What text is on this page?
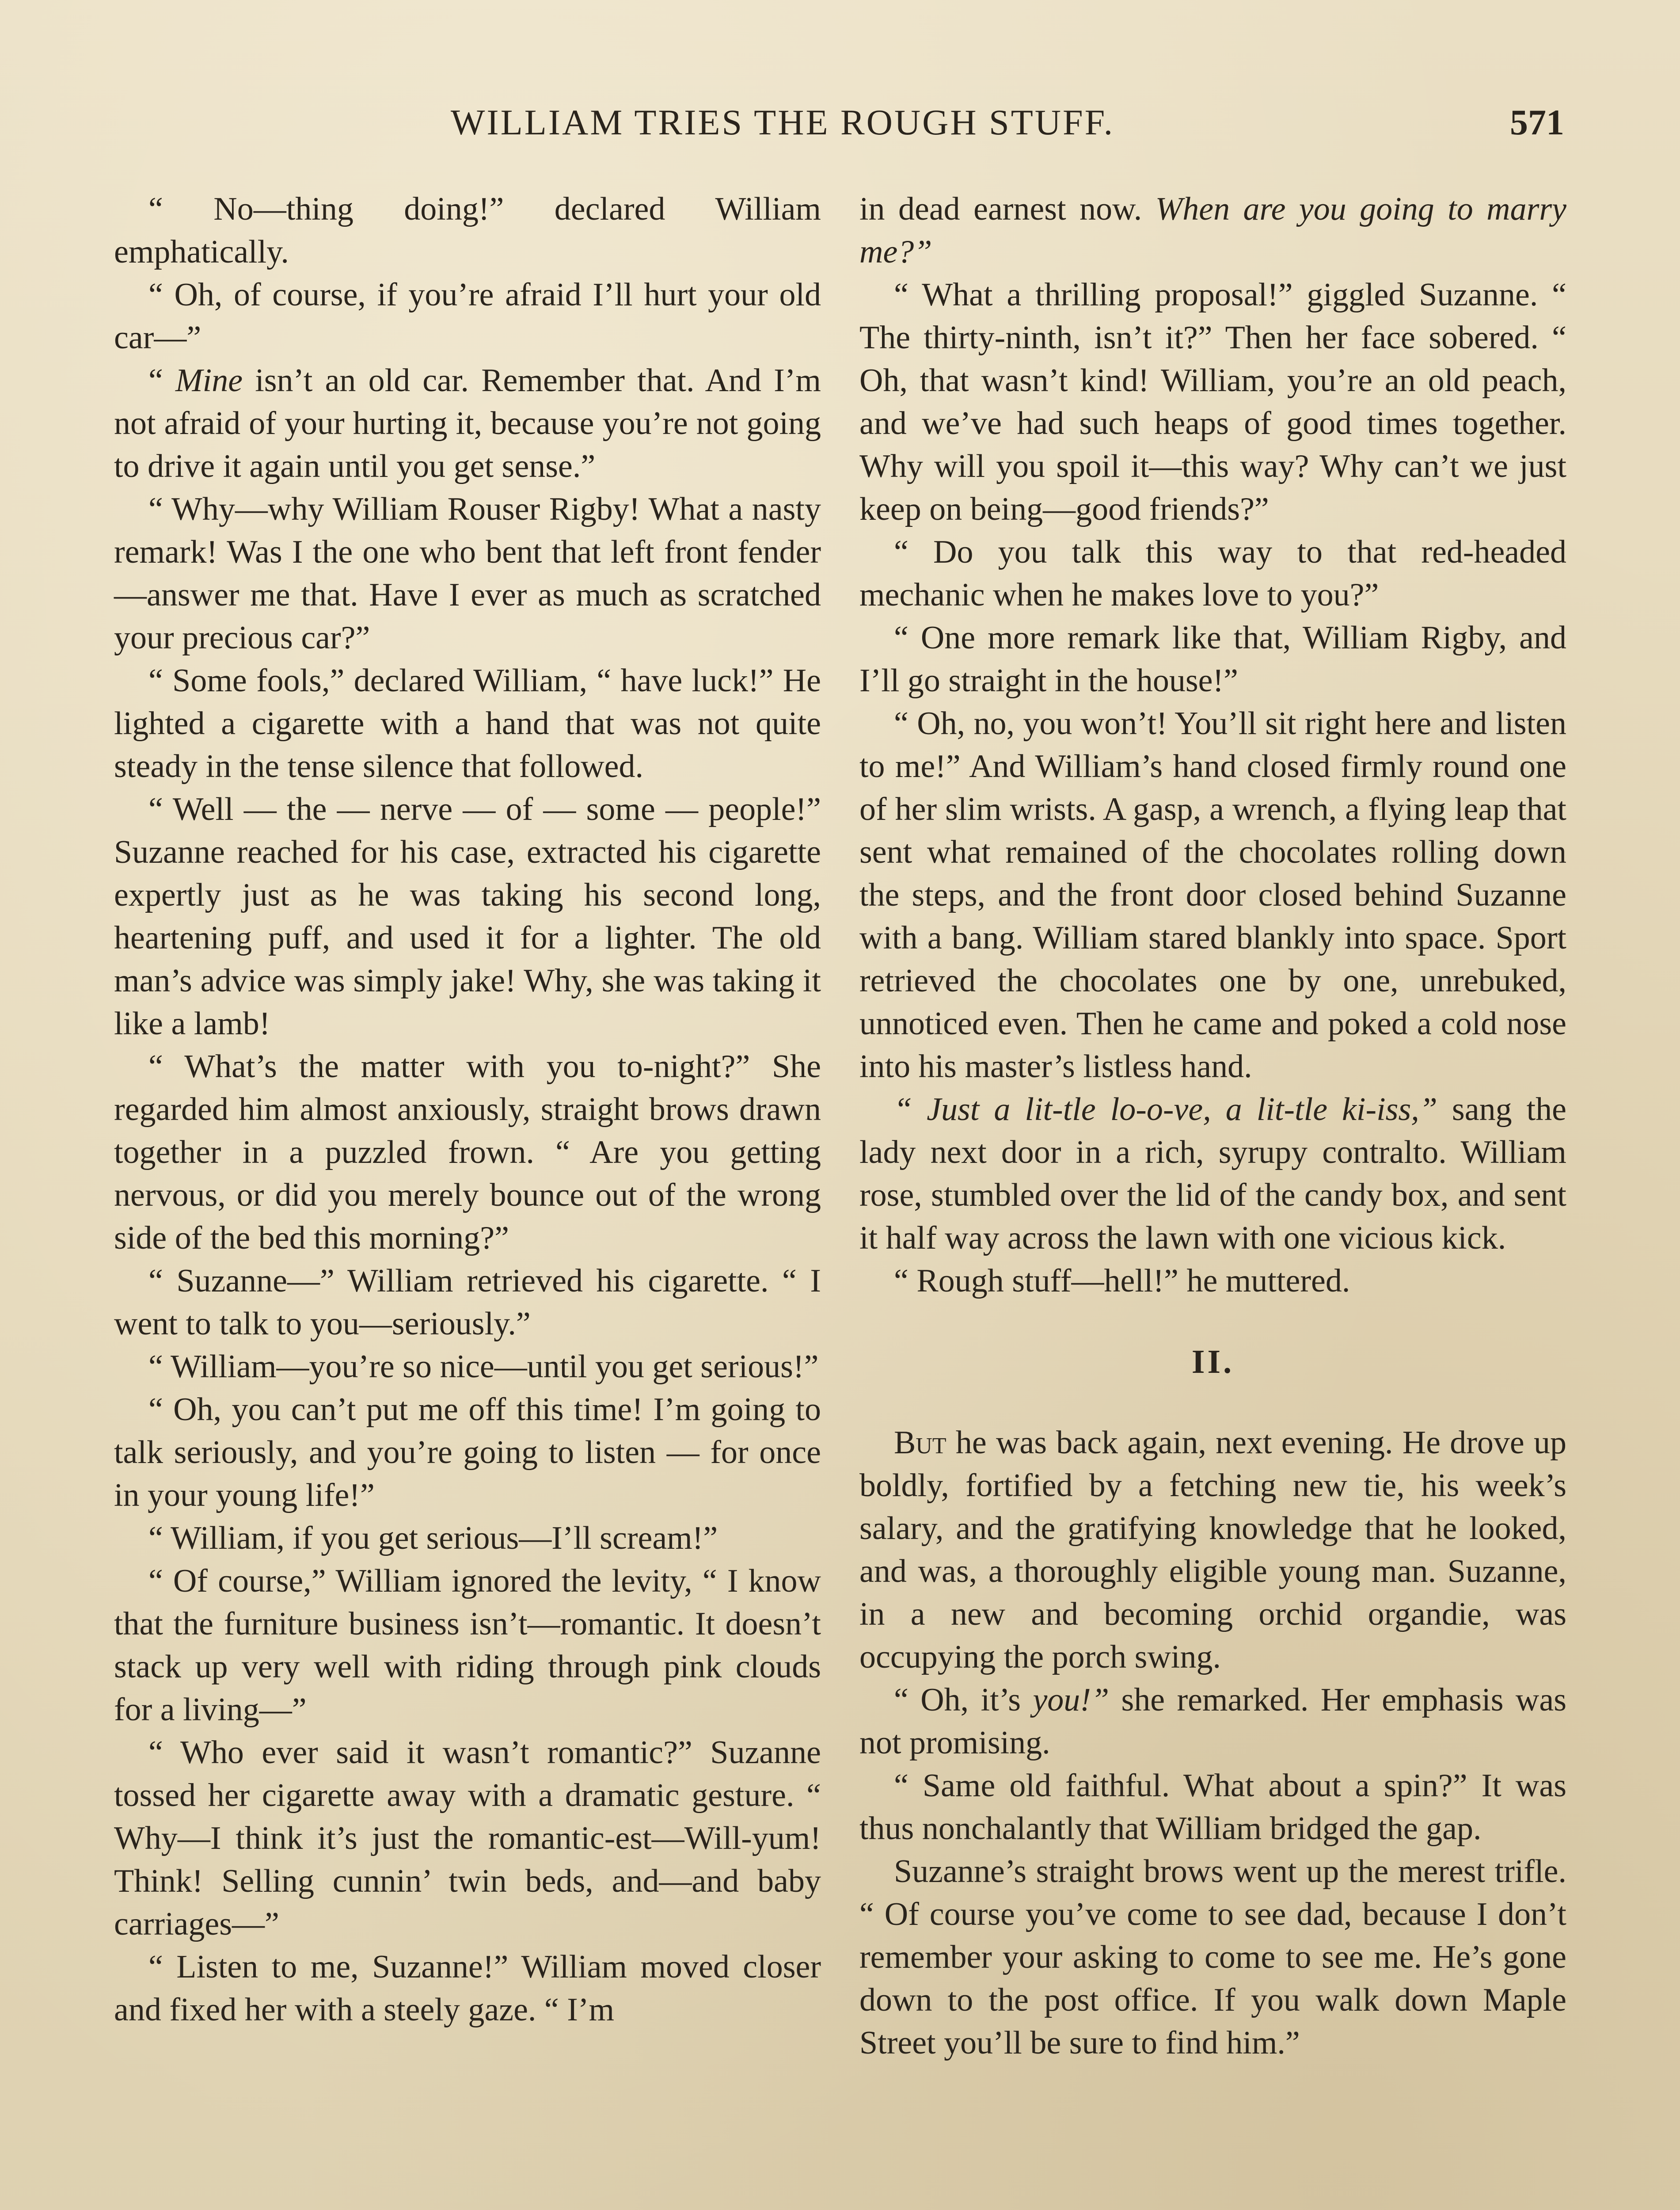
WILLIAM TRIES THE ROUGH STUFF.	571

“ No—thing doing!” declared William emphatically.

“ Oh, of course, if you’re afraid I’ll hurt your old car—”

“ Mine isn’t an old car. Remember that. And I’m not afraid of your hurting it, because you’re not going to drive it again until you get sense.”

“ Why—why William Rouser Rigby! What a nasty remark! Was I the one who bent that left front fender—answer me that. Have I ever as much as scratched your precious car?”

“ Some fools,” declared William, “ have luck!” He lighted a cigarette with a hand that was not quite steady in the tense silence that followed.

“ Well — the — nerve — of — some — people!” Suzanne reached for his case, extracted his cigarette expertly just as he was taking his second long, heartening puff, and used it for a lighter. The old man’s advice was simply jake! Why, she was taking it like a lamb!

“ What’s the matter with you to-night?” She regarded him almost anxiously, straight brows drawn together in a puzzled frown. “ Are you getting nervous, or did you merely bounce out of the wrong side of the bed this morning?”

“ Suzanne—” William retrieved his cigarette. “ I went to talk to you—seriously.”

“ William—you’re so nice—until you get serious!”

“ Oh, you can’t put me off this time! I’m going to talk seriously, and you’re going to listen — for once in your young life!”

“ William, if you get serious—I’ll scream!”

“ Of course,” William ignored the levity, “ I know that the furniture business isn’t—romantic. It doesn’t stack up very well with riding through pink clouds for a living—”

“ Who ever said it wasn’t romantic?” Suzanne tossed her cigarette away with a dramatic gesture. “ Why—I think it’s just the romantic-est—Will-yum! Think! Selling cunnin’ twin beds, and—and baby carriages—”

“ Listen to me, Suzanne!” William moved closer and fixed her with a steely gaze. “ I’m

in dead earnest now. When are you going to marry me?”

“ What a thrilling proposal!” giggled Suzanne. “ The thirty-ninth, isn’t it?” Then her face sobered. “ Oh, that wasn’t kind! William, you’re an old peach, and we’ve had such heaps of good times together. Why will you spoil it—this way? Why can’t we just keep on being—good friends?”

“ Do you talk this way to that red-headed mechanic when he makes love to you?”

“ One more remark like that, William Rigby, and I’ll go straight in the house!”

“ Oh, no, you won’t! You’ll sit right here and listen to me!” And William’s hand closed firmly round one of her slim wrists. A gasp, a wrench, a flying leap that sent what remained of the chocolates rolling down the steps, and the front door closed behind Suzanne with a bang. William stared blankly into space. Sport retrieved the chocolates one by one, unrebuked, unnoticed even. Then he came and poked a cold nose into his master’s listless hand.

“ Just a lit-tle lo-o-ve, a lit-tle ki-iss,” sang the lady next door in a rich, syrupy contralto. William rose, stumbled over the lid of the candy box, and sent it half way across the lawn with one vicious kick.

“ Rough stuff—hell!” he muttered.

II.

But he was back again, next evening. He drove up boldly, fortified by a fetching new tie, his week’s salary, and the gratifying knowledge that he looked, and was, a thoroughly eligible young man. Suzanne, in a new and becoming orchid organdie, was occupying the porch swing.

“ Oh, it’s you!” she remarked. Her emphasis was not promising.

“ Same old faithful. What about a spin?” It was thus nonchalantly that William bridged the gap.

Suzanne’s straight brows went up the merest trifle. “ Of course you’ve come to see dad, because I don’t remember your asking to come to see me. He’s gone down to the post office. If you walk down Maple Street you’ll be sure to find him.”
